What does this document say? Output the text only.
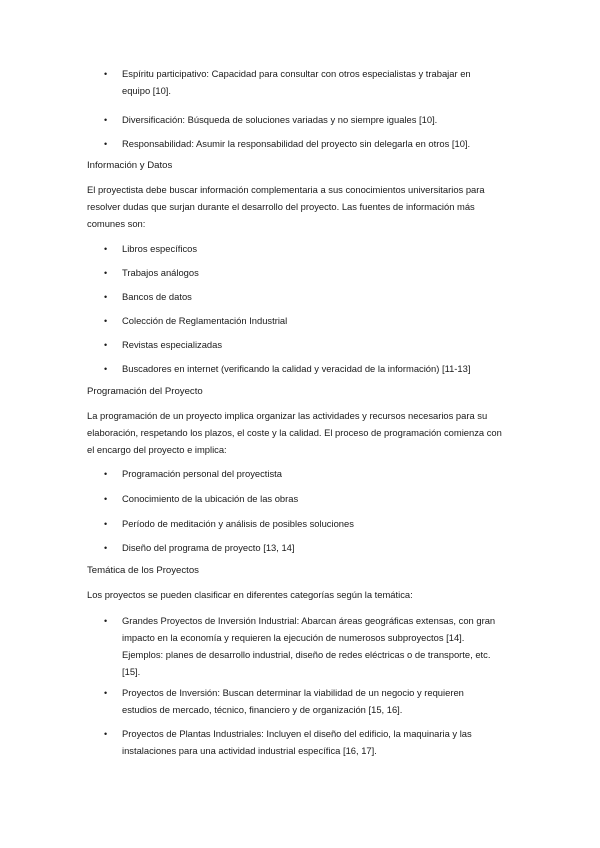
• Espíritu participativo: Capacidad para consultar con otros especialistas y trabajar en
equipo [10].
• Diversificación: Búsqueda de soluciones variadas y no siempre iguales [10].
• Responsabilidad: Asumir la responsabilidad del proyecto sin delegarla en otros [10].
Información y Datos
El proyectista debe buscar información complementaria a sus conocimientos universitarios para
resolver dudas que surjan durante el desarrollo del proyecto. Las fuentes de información más
comunes son:
• Libros específicos
• Trabajos análogos
• Bancos de datos
• Colección de Reglamentación Industrial
• Revistas especializadas
• Buscadores en internet (verificando la calidad y veracidad de la información) [11-13]
Programación del Proyecto
La programación de un proyecto implica organizar las actividades y recursos necesarios para su
elaboración, respetando los plazos, el coste y la calidad. El proceso de programación comienza con
el encargo del proyecto e implica:
• Programación personal del proyectista
• Conocimiento de la ubicación de las obras
• Período de meditación y análisis de posibles soluciones
• Diseño del programa de proyecto [13, 14]
Temática de los Proyectos
Los proyectos se pueden clasificar en diferentes categorías según la temática:
• Grandes Proyectos de Inversión Industrial: Abarcan áreas geográficas extensas, con gran
impacto en la economía y requieren la ejecución de numerosos subproyectos [14].
Ejemplos: planes de desarrollo industrial, diseño de redes eléctricas o de transporte, etc.
[15].
• Proyectos de Inversión: Buscan determinar la viabilidad de un negocio y requieren
estudios de mercado, técnico, financiero y de organización [15, 16].
• Proyectos de Plantas Industriales: Incluyen el diseño del edificio, la maquinaria y las
instalaciones para una actividad industrial específica [16, 17].
